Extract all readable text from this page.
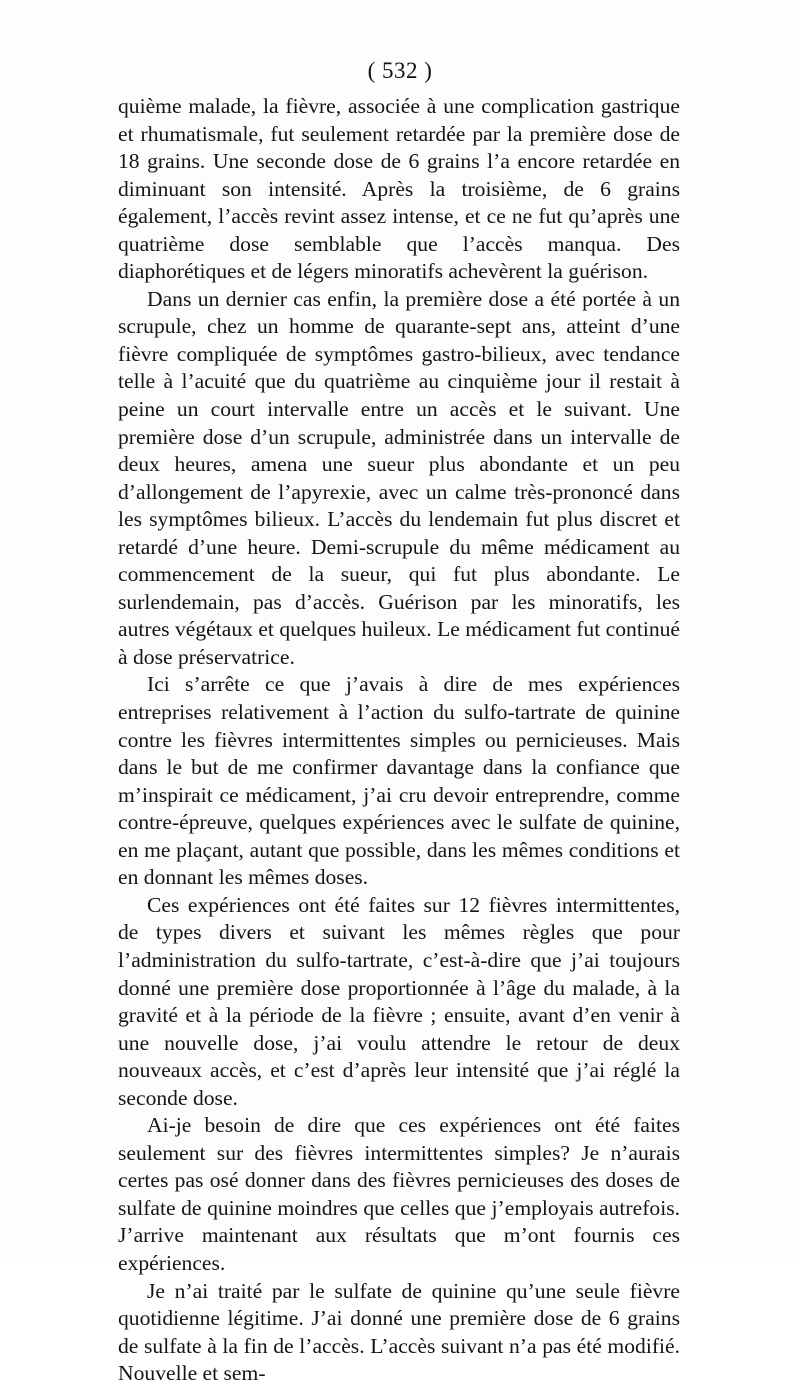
( 532 )

quième malade, la fièvre, associée à une complication gastrique et rhumatismale, fut seulement retardée par la première dose de 18 grains. Une seconde dose de 6 grains l’a encore retardée en diminuant son intensité. Après la troisième, de 6 grains également, l’accès revint assez intense, et ce ne fut qu’après une quatrième dose semblable que l’accès manqua. Des diaphorétiques et de légers minoratifs achevèrent la guérison.

Dans un dernier cas enfin, la première dose a été portée à un scrupule, chez un homme de quarante-sept ans, atteint d’une fièvre compliquée de symptômes gastro-bilieux, avec tendance telle à l’acuité que du quatrième au cinquième jour il restait à peine un court intervalle entre un accès et le suivant. Une première dose d’un scrupule, administrée dans un intervalle de deux heures, amena une sueur plus abondante et un peu d’allongement de l’apyrexie, avec un calme très-prononcé dans les symptômes bilieux. L’accès du lendemain fut plus discret et retardé d’une heure. Demi-scrupule du même médicament au commencement de la sueur, qui fut plus abondante. Le surlendemain, pas d’accès. Guérison par les minoratifs, les autres végétaux et quelques huileux. Le médicament fut continué à dose préservatrice.

Ici s’arrête ce que j’avais à dire de mes expériences entreprises relativement à l’action du sulfo-tartrate de quinine contre les fièvres intermittentes simples ou pernicieuses. Mais dans le but de me confirmer davantage dans la confiance que m’inspirait ce médicament, j’ai cru devoir entreprendre, comme contre-épreuve, quelques expériences avec le sulfate de quinine, en me plaçant, autant que possible, dans les mêmes conditions et en donnant les mêmes doses.

Ces expériences ont été faites sur 12 fièvres intermittentes, de types divers et suivant les mêmes règles que pour l’administration du sulfo-tartrate, c’est-à-dire que j’ai toujours donné une première dose proportionnée à l’âge du malade, à la gravité et à la période de la fièvre ; ensuite, avant d’en venir à une nouvelle dose, j’ai voulu attendre le retour de deux nouveaux accès, et c’est d’après leur intensité que j’ai réglé la seconde dose.

Ai-je besoin de dire que ces expériences ont été faites seulement sur des fièvres intermittentes simples? Je n’aurais certes pas osé donner dans des fièvres pernicieuses des doses de sulfate de quinine moindres que celles que j’employais autrefois. J’arrive maintenant aux résultats que m’ont fournis ces expériences.

Je n’ai traité par le sulfate de quinine qu’une seule fièvre quotidienne légitime. J’ai donné une première dose de 6 grains de sulfate à la fin de l’accès. L’accès suivant n’a pas été modifié. Nouvelle et sem-
